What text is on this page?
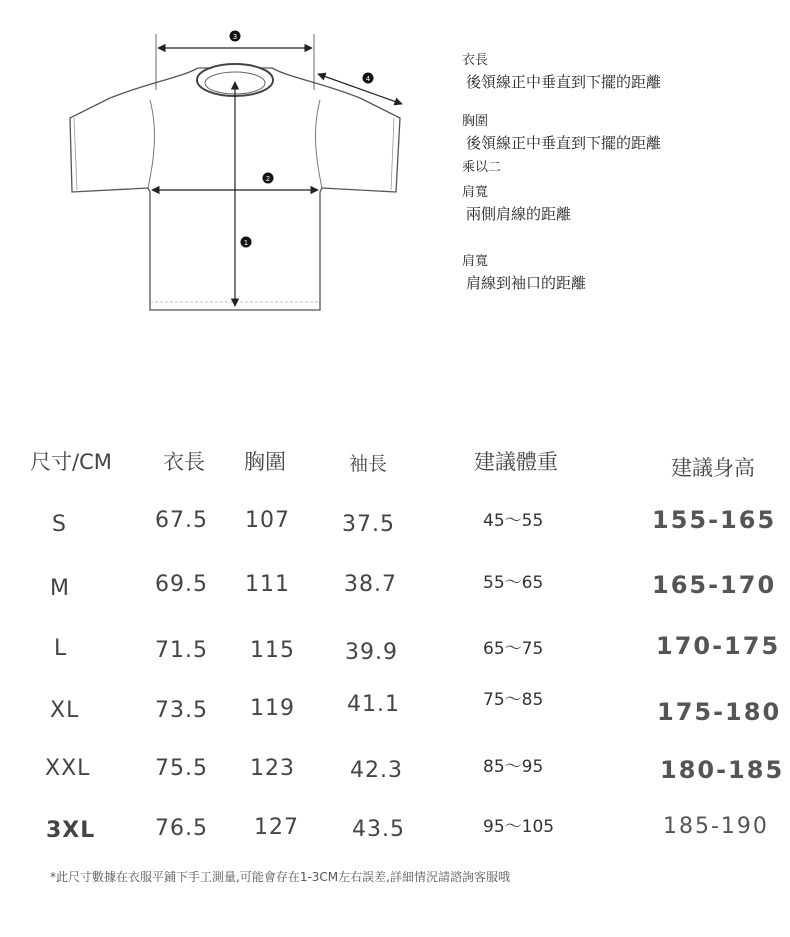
3
4
2
1
衣長
後領線正中垂直到下擺的距離
胸圍
後領線正中垂直到下擺的距離
乘以二
肩寬
兩側肩線的距離
肩寬
肩線到袖口的距離
尺寸/CM 衣長 胸圍	袖長	建議體重	建議身高
S	67.5 107 37.5	45～55	155-165
M	69.5 111 38.7	55～65	165-170
L	71.5 115 39.9	65～75	170-175
XL	73.5 119 41.1	75～85	175-180
XXL	75.5 123	42.3	85～95	180-185
3XL	76.5 127 43.5	95～105	185-190
*此尺寸數據在衣服平鋪下手工測量,可能會存在1-3CM左右誤差,詳細情況請諮詢客服哦
